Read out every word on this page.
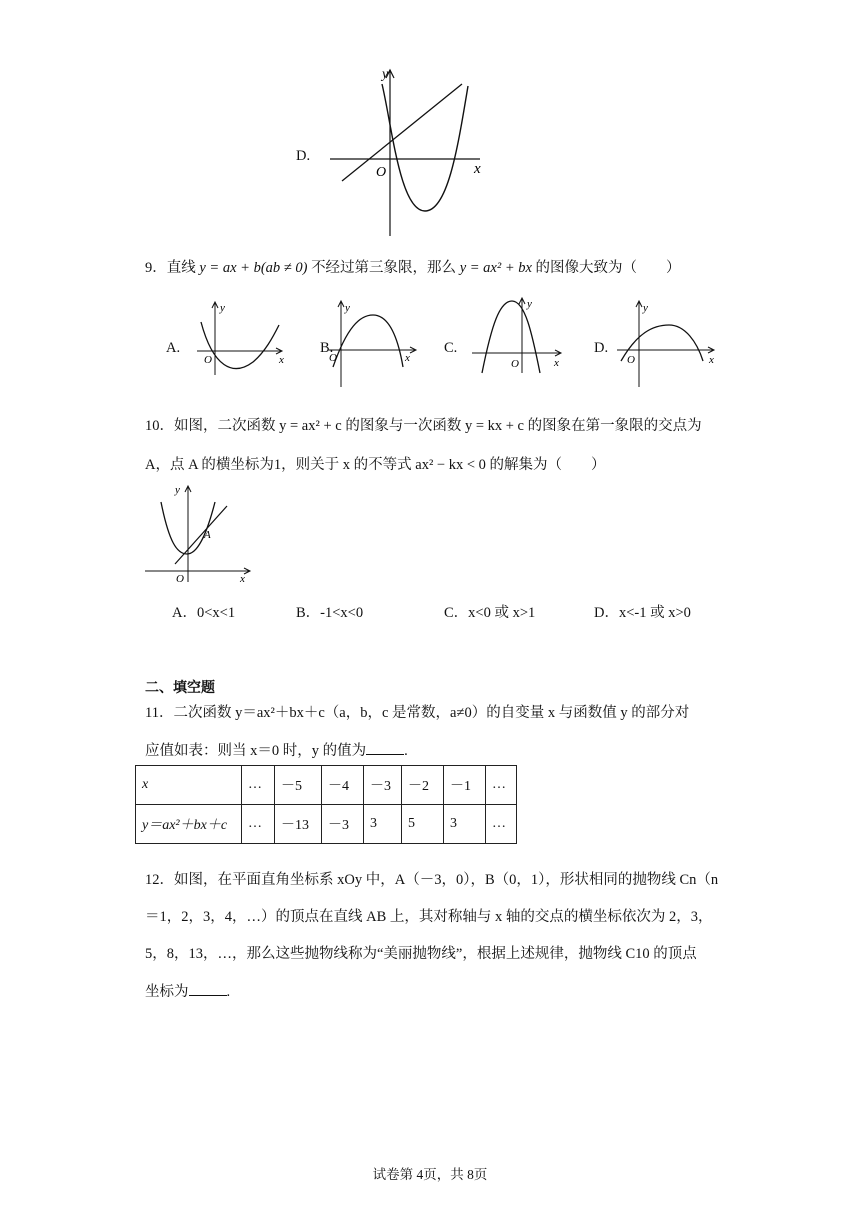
D.
y
x
O
9．直线 y = ax + b(ab ≠ 0) 不经过第三象限，那么 y = ax² + bx 的图像大致为（　　）
A.
y
x
O
B.
y
x
O
C.
y
x
O
D.
y
x
O
10．如图，二次函数 y = ax² + c 的图象与一次函数 y = kx + c 的图象在第一象限的交点为
A，点 A 的横坐标为1，则关于 x 的不等式 ax² − kx < 0 的解集为（　　）
y
x
O
A
A．0<x<1	B．-1<x<0	C．x<0 或 x>1	D．x<-1 或 x>0
二、填空题
11．二次函数 y＝ax²＋bx＋c（a，b，c 是常数，a≠0）的自变量 x 与函数值 y 的部分对
应值如表：则当 x＝0 时，y 的值为	.
x	…	－5	－4	－3	－2	－1	…
y＝ax²＋bx＋c	…	－13	－3	3	5	3	…
12．如图，在平面直角坐标系 xOy 中，A（－3，0），B（0，1），形状相同的抛物线 Cn（n
＝1，2，3，4，…）的顶点在直线 AB 上，其对称轴与 x 轴的交点的横坐标依次为 2，3，
5，8，13，…，那么这些抛物线称为“美丽抛物线”，根据上述规律，抛物线 C10 的顶点
坐标为	.
试卷第 4页，共 8页
